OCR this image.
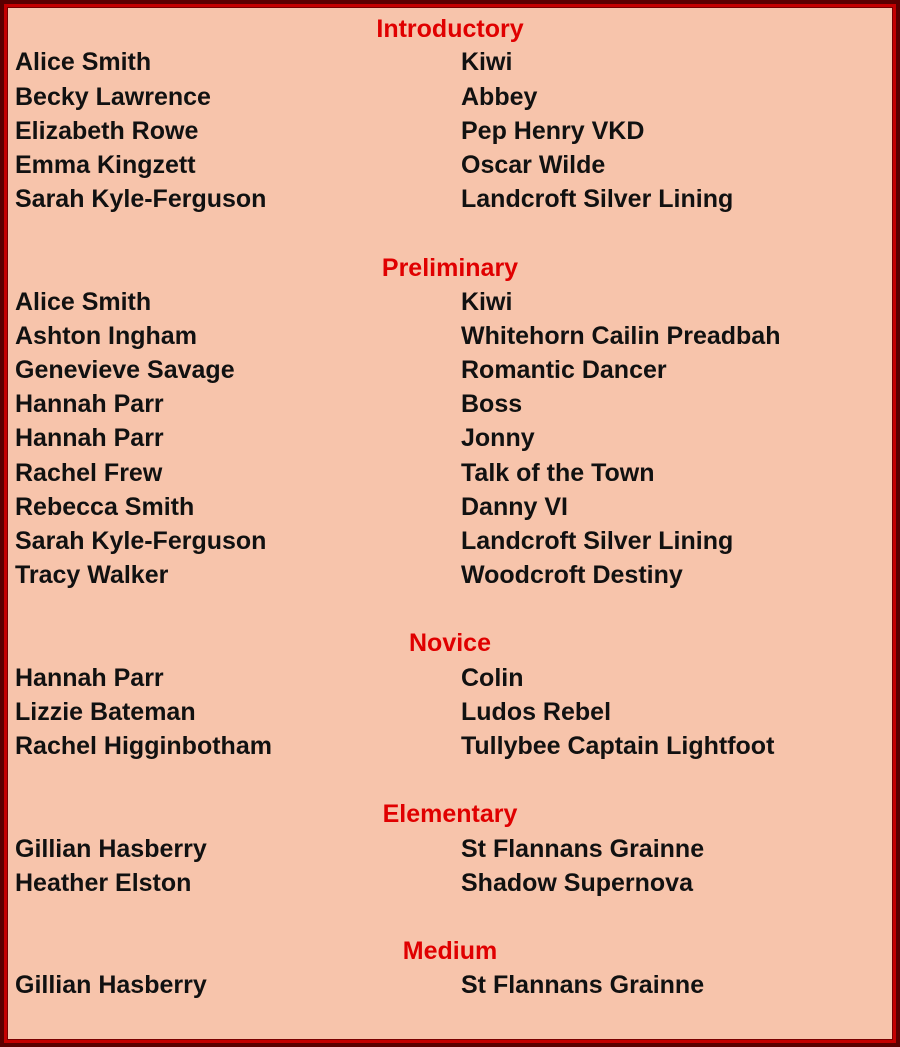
Introductory
Alice Smith	Kiwi
Becky Lawrence	Abbey
Elizabeth Rowe	Pep Henry VKD
Emma Kingzett	Oscar Wilde
Sarah Kyle-Ferguson	Landcroft Silver Lining
Preliminary
Alice Smith	Kiwi
Ashton Ingham	Whitehorn Cailin Preadbah
Genevieve Savage	Romantic Dancer
Hannah Parr	Boss
Hannah Parr	Jonny
Rachel Frew	Talk of the Town
Rebecca Smith	Danny VI
Sarah Kyle-Ferguson	Landcroft Silver Lining
Tracy Walker	Woodcroft Destiny
Novice
Hannah Parr	Colin
Lizzie Bateman	Ludos Rebel
Rachel Higginbotham	Tullybee Captain Lightfoot
Elementary
Gillian Hasberry	St Flannans Grainne
Heather Elston	Shadow Supernova
Medium
Gillian Hasberry	St Flannans Grainne
